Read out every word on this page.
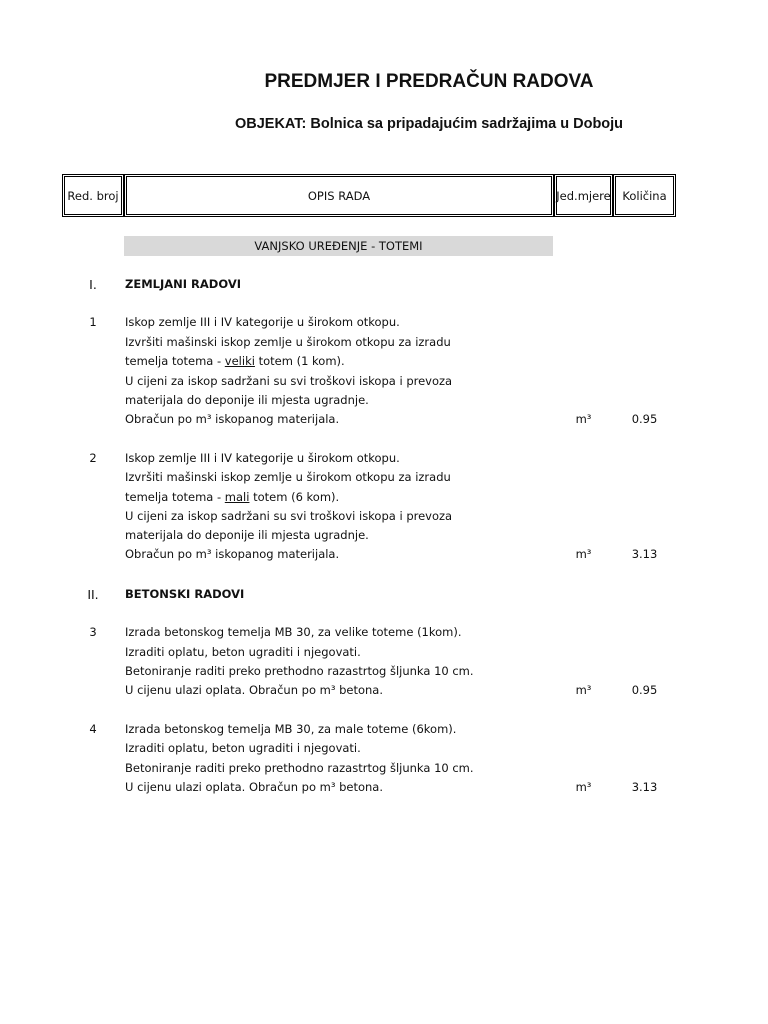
PREDMJER I PREDRAČUN RADOVA
OBJEKAT: Bolnica sa pripadajućim sadržajima u Doboju
Red. broj	OPIS RADA	Jed. mjere	Količina
VANJSKO UREĐENJE - TOTEMI
I.	ZEMLJANI RADOVI
1	Iskop zemlje III i IV kategorije u širokom otkopu.
Izvršiti mašinski iskop zemlje u širokom otkopu za izradu
temelja totema - veliki totem (1 kom).
U cijeni za iskop sadržani su svi troškovi iskopa i prevoza
materijala do deponije ili mjesta ugradnje.
Obračun po m³ iskopanog materijala.	m³	0.95
2	Iskop zemlje III i IV kategorije u širokom otkopu.
Izvršiti mašinski iskop zemlje u širokom otkopu za izradu
temelja totema - mali totem (6 kom).
U cijeni za iskop sadržani su svi troškovi iskopa i prevoza
materijala do deponije ili mjesta ugradnje.
Obračun po m³ iskopanog materijala.	m³	3.13
II.	BETONSKI RADOVI
3	Izrada betonskog temelja MB 30, za velike toteme (1kom).
Izraditi oplatu, beton ugraditi i njegovati.
Betoniranje raditi preko prethodno razastrtog šljunka 10 cm.
U cijenu ulazi oplata. Obračun po m³ betona.	m³	0.95
4	Izrada betonskog temelja MB 30, za male toteme (6kom).
Izraditi oplatu, beton ugraditi i njegovati.
Betoniranje raditi preko prethodno razastrtog šljunka 10 cm.
U cijenu ulazi oplata. Obračun po m³ betona.	m³	3.13
